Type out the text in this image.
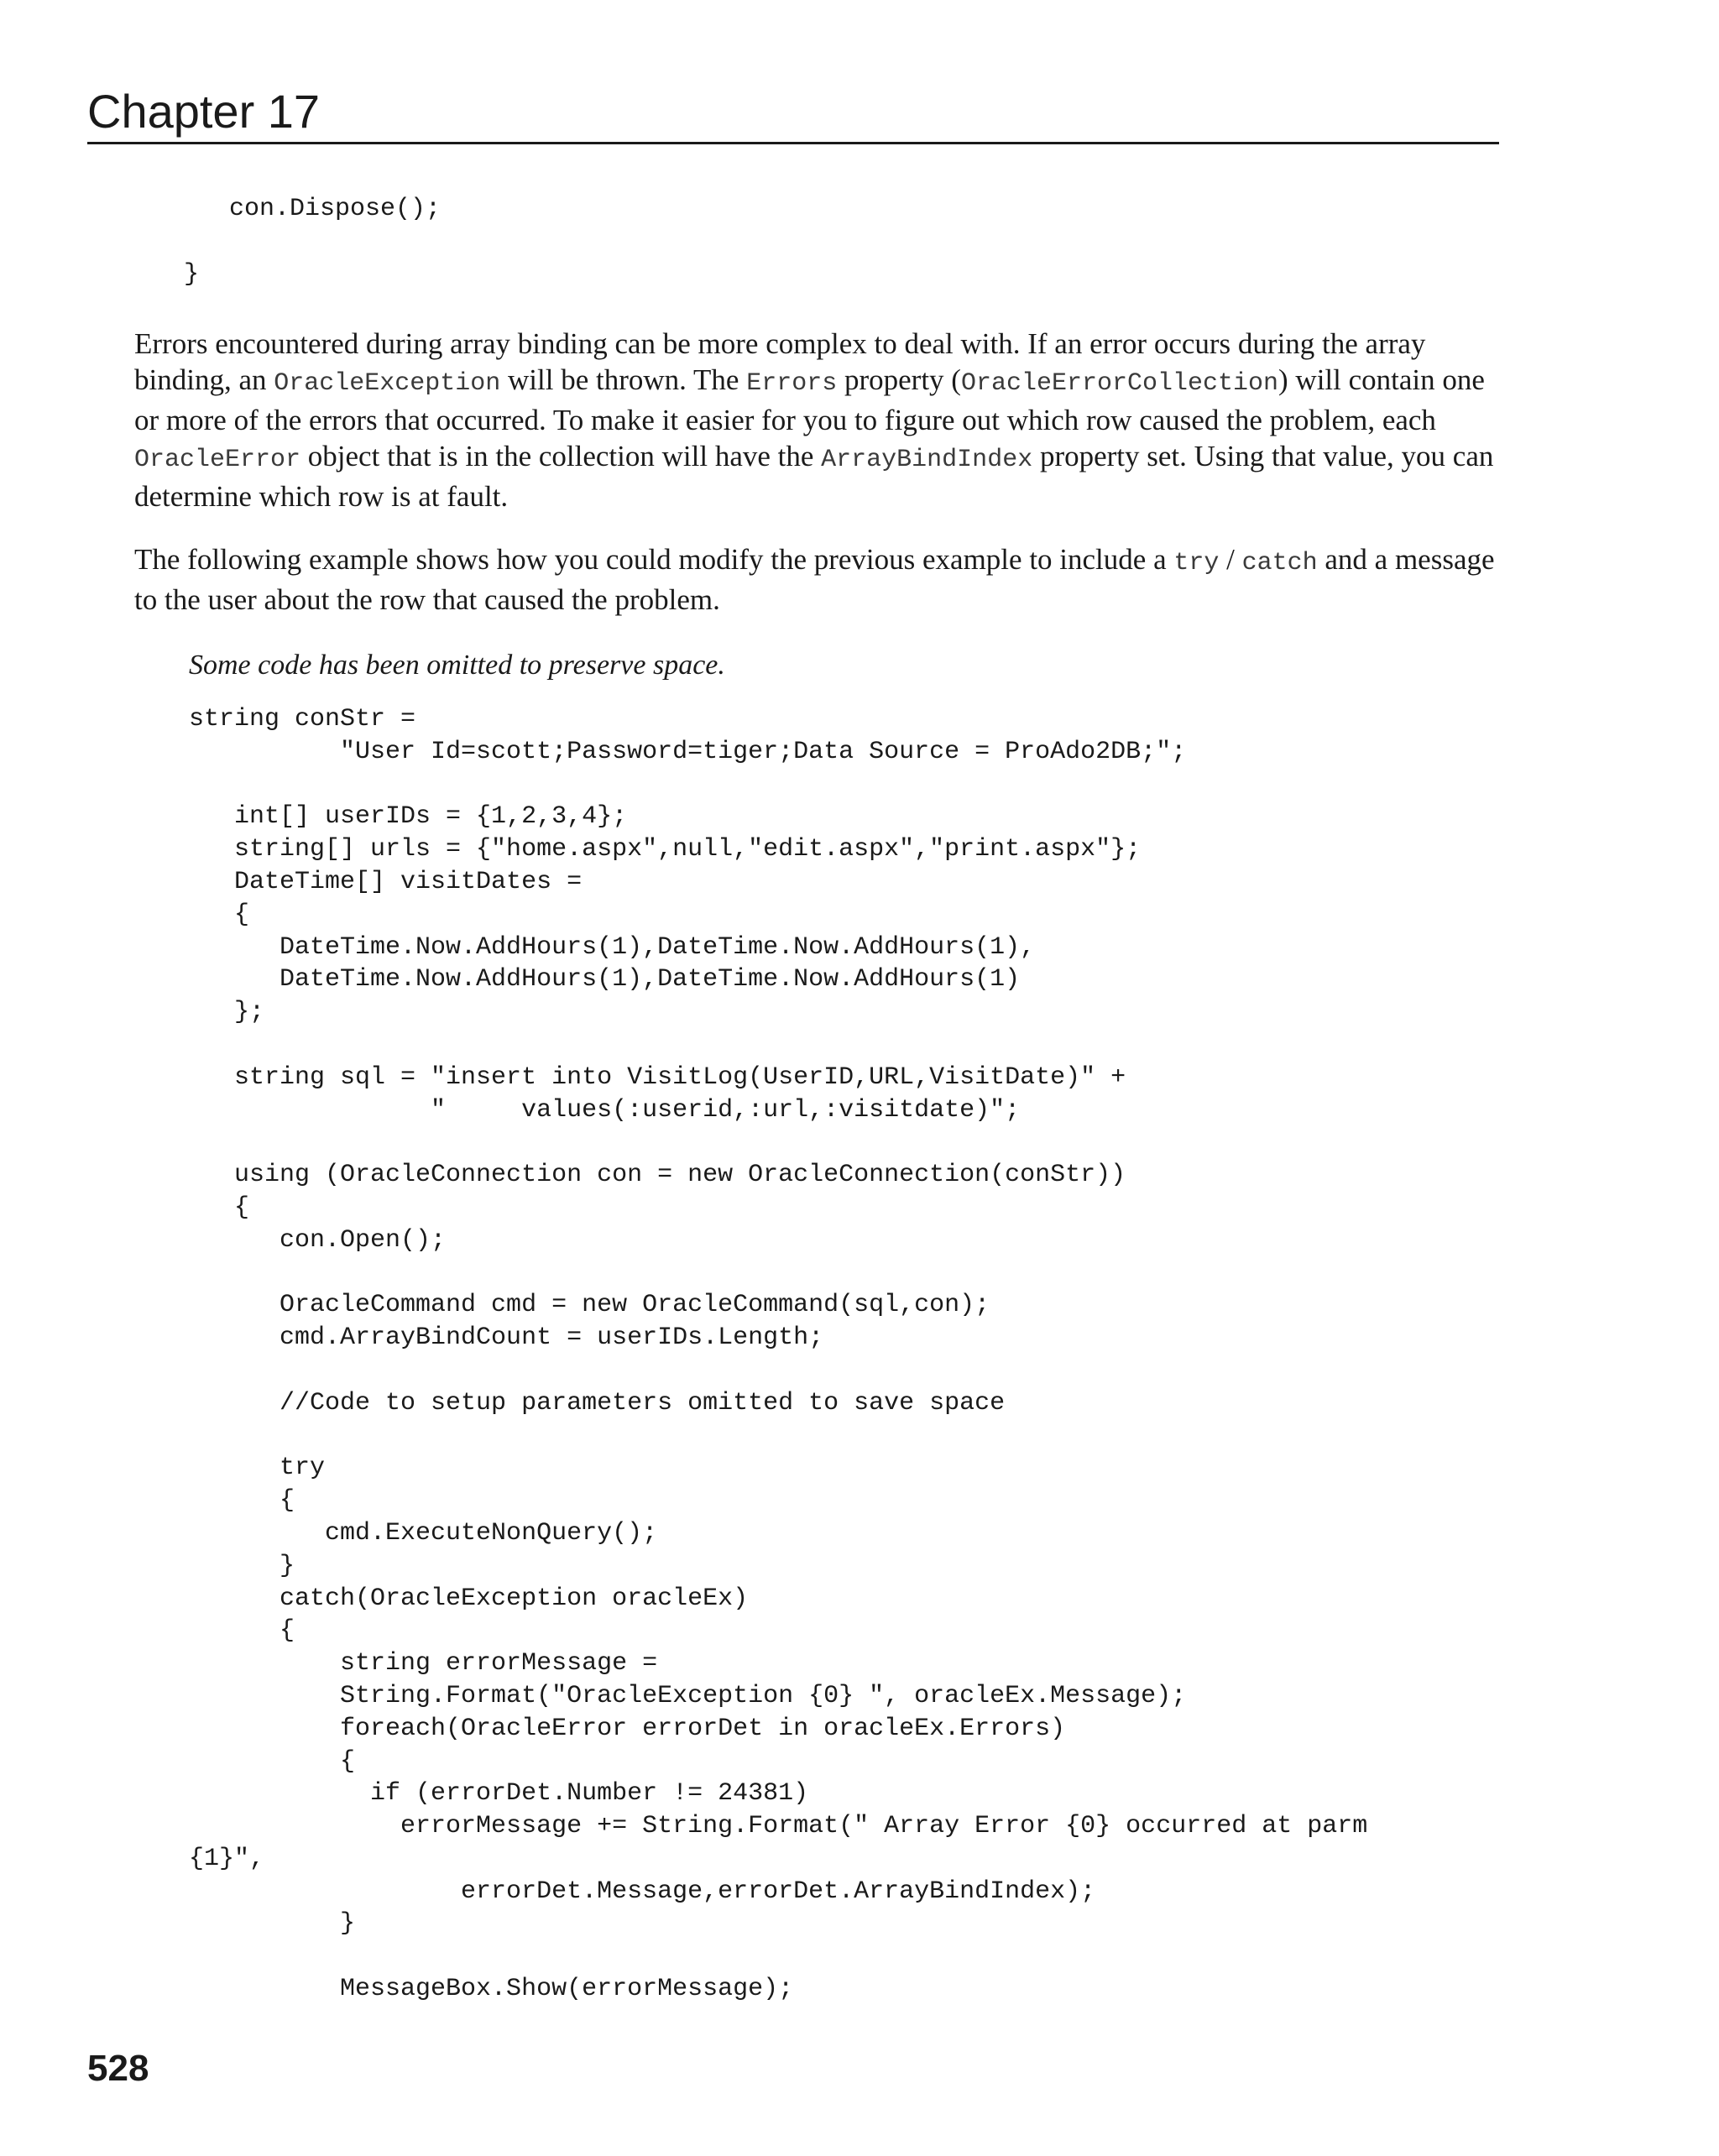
Chapter 17
con.Dispose();

}

Errors encountered during array binding can be more complex to deal with. If an error occurs during the array binding, an OracleException will be thrown. The Errors property (OracleErrorCollection) will contain one or more of the errors that occurred. To make it easier for you to figure out which row caused the problem, each OracleError object that is in the collection will have the ArrayBindIndex property set. Using that value, you can determine which row is at fault.

The following example shows how you could modify the previous example to include a try / catch and a message to the user about the row that caused the problem.

Some code has been omitted to preserve space.

string conStr =
"User Id=scott;Password=tiger;Data Source = ProAdo2DB;";

int[] userIDs = {1,2,3,4};
string[] urls = {"home.aspx",null,"edit.aspx","print.aspx"};
DateTime[] visitDates =
{
DateTime.Now.AddHours(1),DateTime.Now.AddHours(1),
DateTime.Now.AddHours(1),DateTime.Now.AddHours(1)
};

string sql = "insert into VisitLog(UserID,URL,VisitDate)" +
"     values(:userid,:url,:visitdate)";

using (OracleConnection con = new OracleConnection(conStr))
{
con.Open();

OracleCommand cmd = new OracleCommand(sql,con);
cmd.ArrayBindCount = userIDs.Length;

//Code to setup parameters omitted to save space

try
{
cmd.ExecuteNonQuery();
}
catch(OracleException oracleEx)
{
string errorMessage =
String.Format("OracleException {0} ", oracleEx.Message);
foreach(OracleError errorDet in oracleEx.Errors)
{
if (errorDet.Number != 24381)
errorMessage += String.Format(" Array Error {0} occurred at parm
{1}",
errorDet.Message,errorDet.ArrayBindIndex);
}

MessageBox.Show(errorMessage);
528
